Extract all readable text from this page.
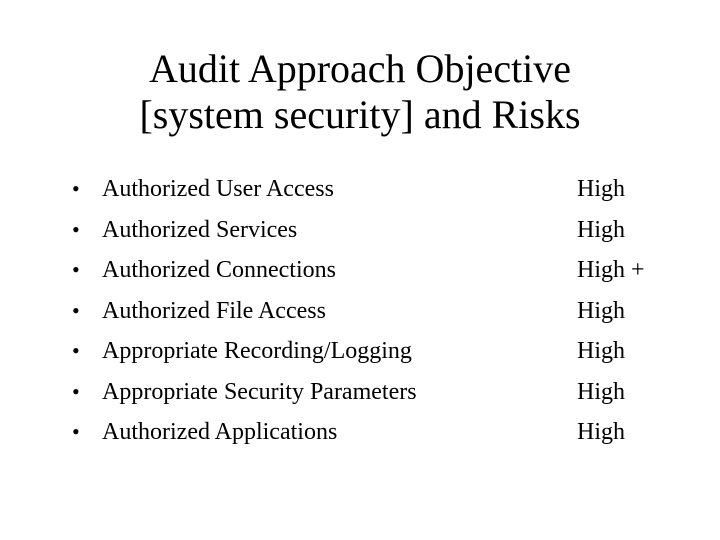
Audit Approach Objective
[system security] and Risks
• Authorized User Access	High
• Authorized Services	High
• Authorized Connections	High +
• Authorized File Access	High
• Appropriate Recording/Logging	High
• Appropriate Security Parameters	High
• Authorized Applications	High
